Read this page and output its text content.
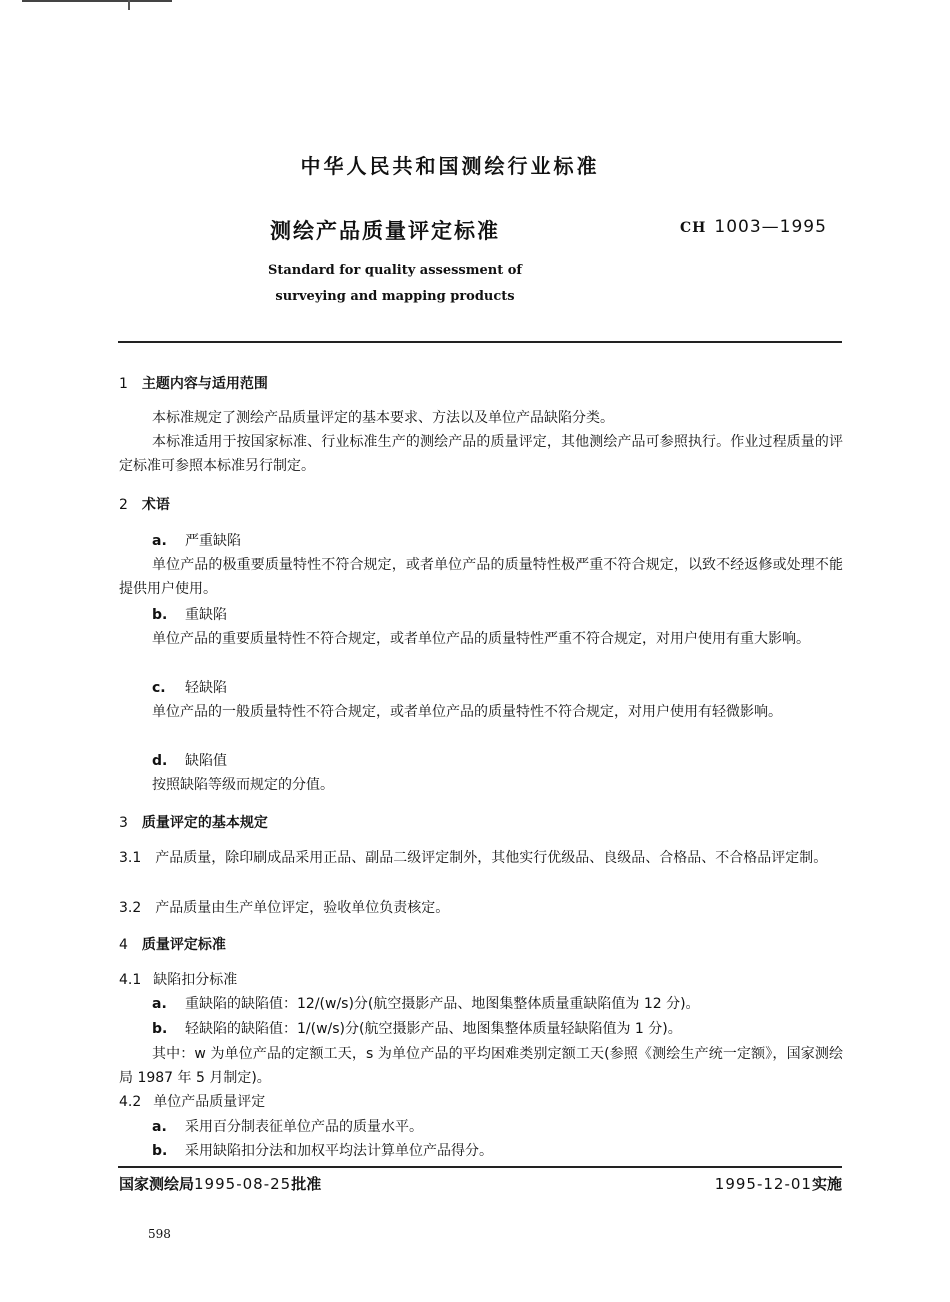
中华人民共和国测绘行业标准
测绘产品质量评定标准	CH 1003—1995
Standard for quality assessment of
surveying and mapping products
1 主题内容与适用范围
本标准规定了测绘产品质量评定的基本要求、方法以及单位产品缺陷分类。
本标准适用于按国家标准、行业标准生产的测绘产品的质量评定，其他测绘产品可参照执行。作业过程质量的评定标准可参照本标准另行制定。
2 术语
a. 严重缺陷
单位产品的极重要质量特性不符合规定，或者单位产品的质量特性极严重不符合规定，以致不经返修或处理不能提供用户使用。
b. 重缺陷
单位产品的重要质量特性不符合规定，或者单位产品的质量特性严重不符合规定，对用户使用有重大影响。
c. 轻缺陷
单位产品的一般质量特性不符合规定，或者单位产品的质量特性不符合规定，对用户使用有轻微影响。
d. 缺陷值
按照缺陷等级而规定的分值。
3 质量评定的基本规定
3.1　产品质量，除印刷成品采用正品、副品二级评定制外，其他实行优级品、良级品、合格品、不合格品评定制。
3.2　产品质量由生产单位评定，验收单位负责核定。
4 质量评定标准
4.1 缺陷扣分标准
a. 重缺陷的缺陷值：12/(w/s)分(航空摄影产品、地图集整体质量重缺陷值为 12 分)。
b. 轻缺陷的缺陷值：1/(w/s)分(航空摄影产品、地图集整体质量轻缺陷值为 1 分)。
其中：w 为单位产品的定额工天，s 为单位产品的平均困难类别定额工天(参照《测绘生产统一定额》，国家测绘局 1987 年 5 月制定)。
4.2 单位产品质量评定
a. 采用百分制表征单位产品的质量水平。
b. 采用缺陷扣分法和加权平均法计算单位产品得分。
国家测绘局1995-08-25批准	1995-12-01实施
598
